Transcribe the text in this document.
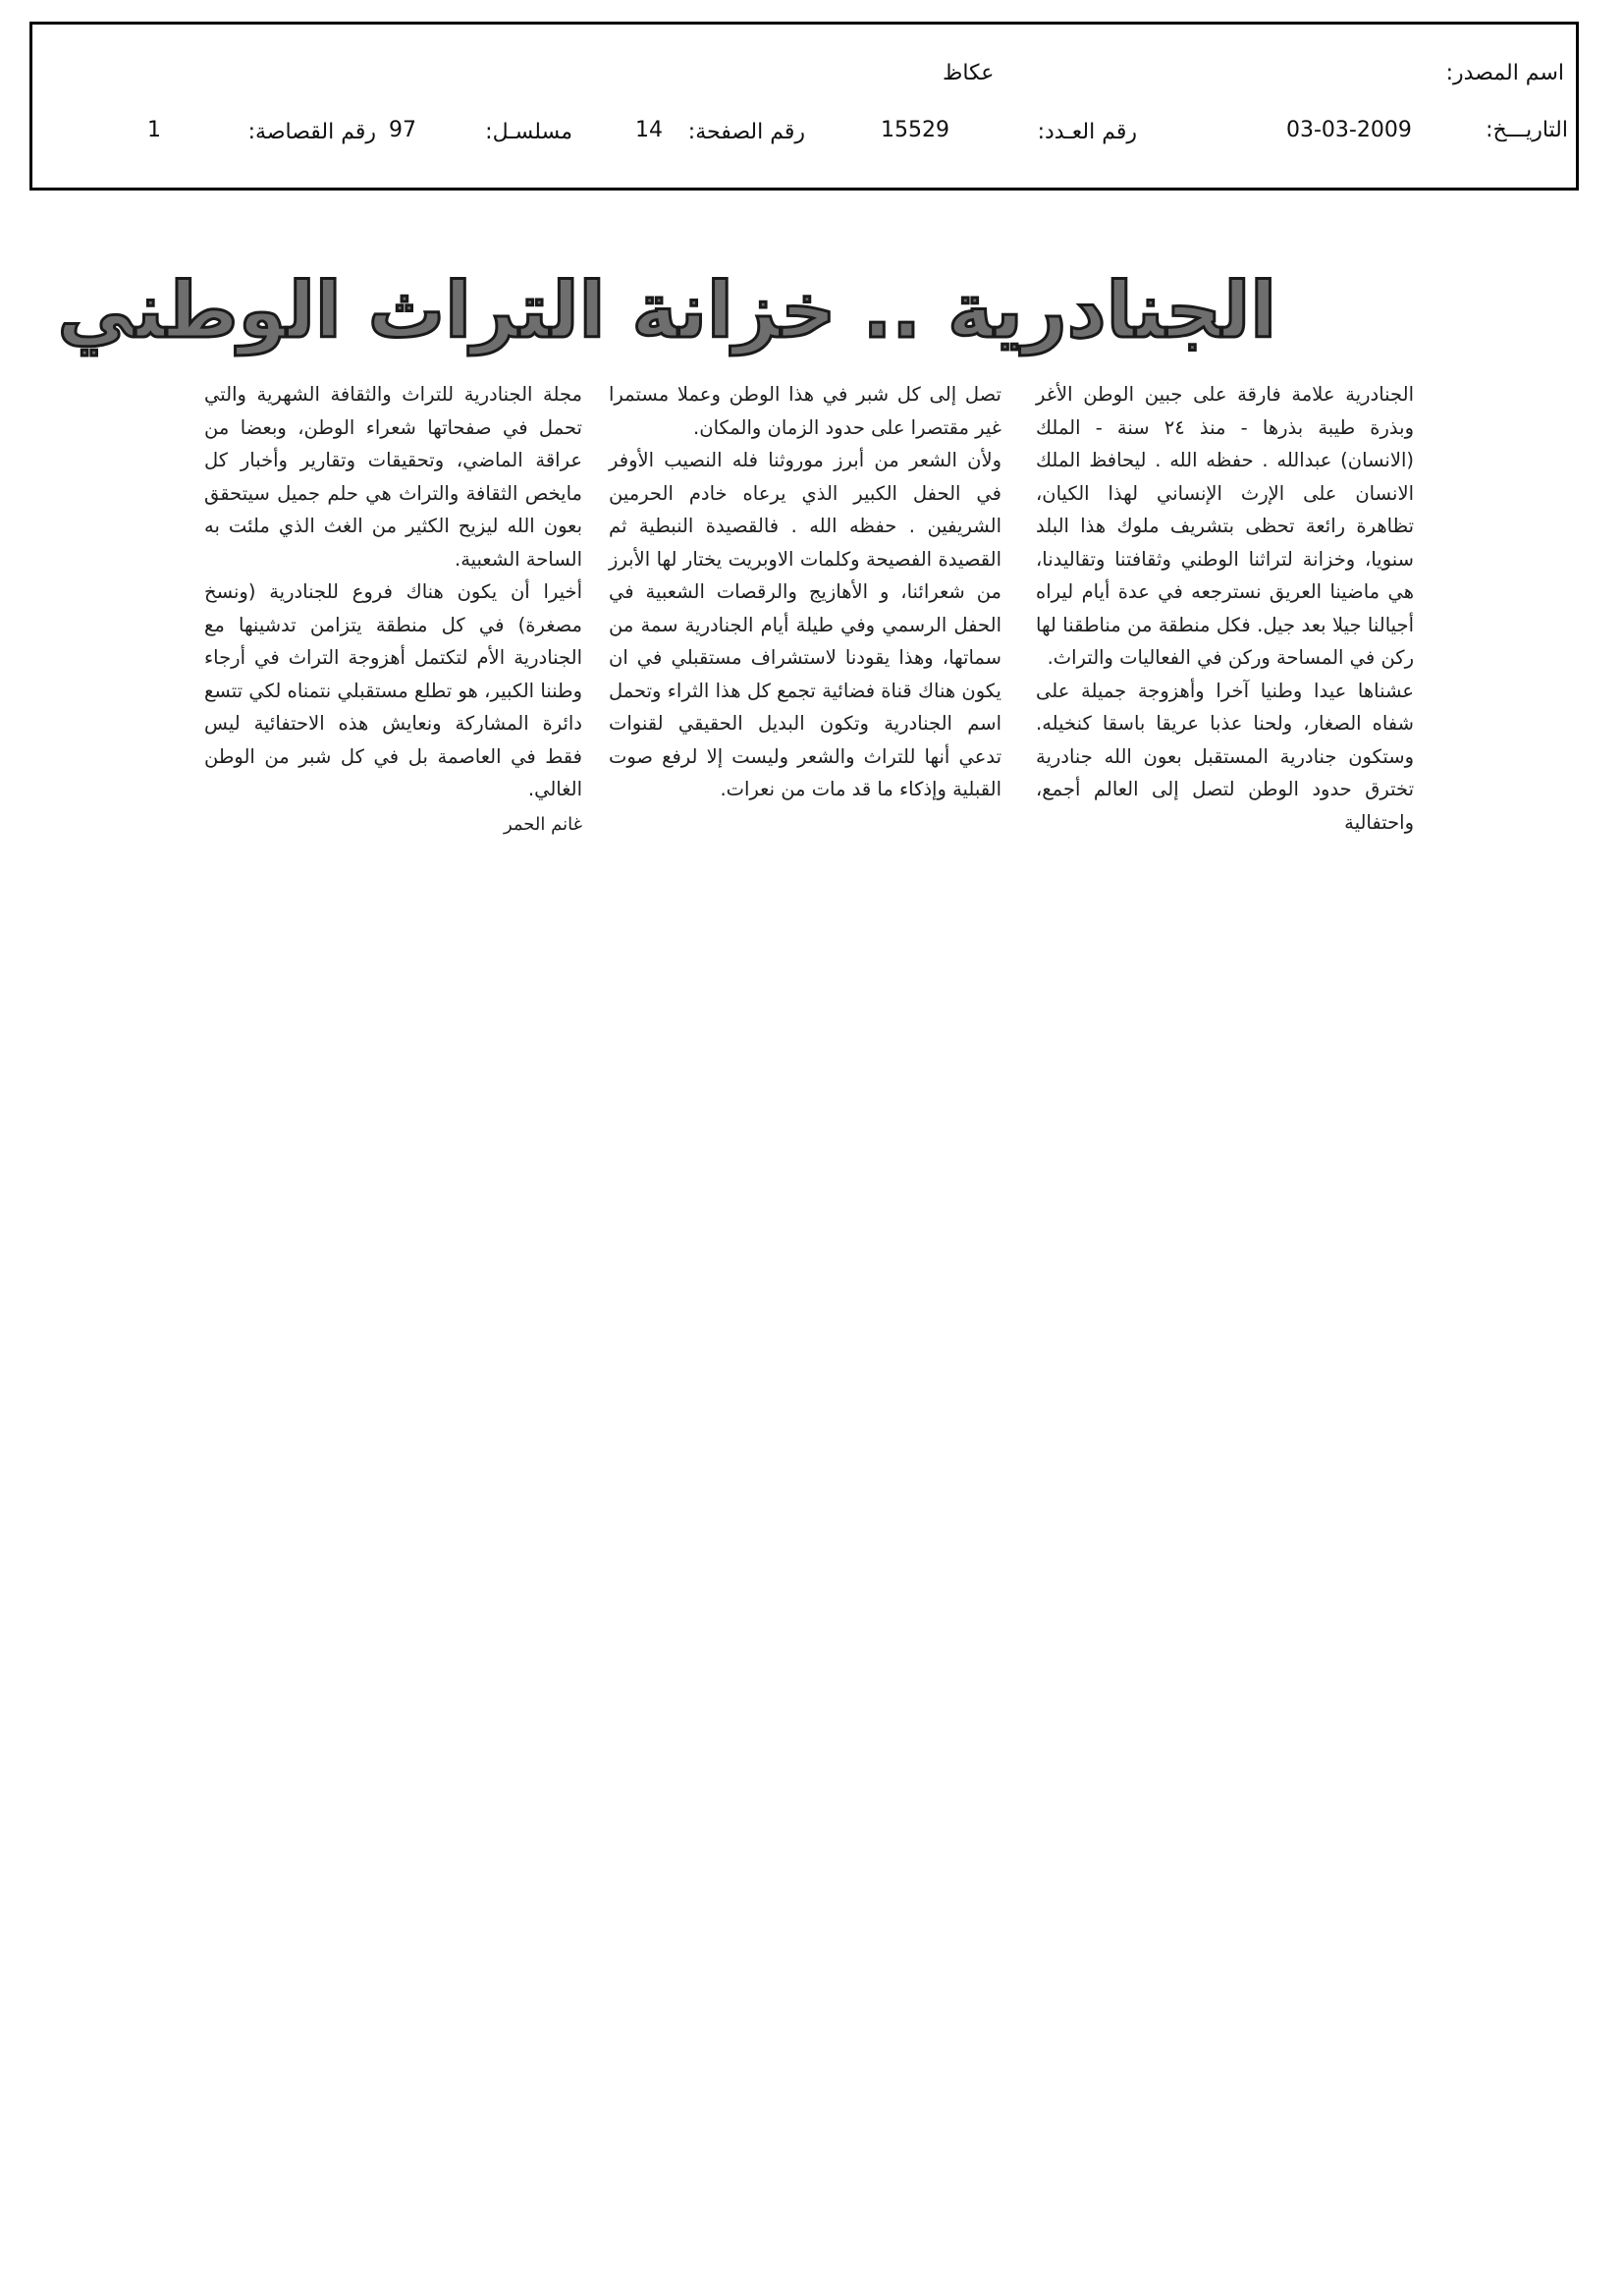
اسم المصدر:
عكاظ
التاريـــخ:
03-03-2009
رقم العـدد:
15529
رقم الصفحة:
14
مسلسـل:
97
رقم القصاصة:
1
الجنادرية .. خزانة التراث الوطني

الجنادرية علامة فارقة على جبين الوطن الأغر وبذرة طيبة بذرها - منذ ٢٤ سنة - الملك (الانسان) عبدالله . حفظه الله . ليحافظ الملك الانسان على الإرث الإنساني لهذا الكيان، تظاهرة رائعة تحظى بتشريف ملوك هذا البلد سنويا، وخزانة لتراثنا الوطني وثقافتنا وتقاليدنا، هي ماضينا العريق نسترجعه في عدة أيام ليراه أجيالنا جيلا بعد جيل. فكل منطقة من مناطقنا لها ركن في المساحة وركن في الفعاليات والتراث.

عشناها عيدا وطنيا آخرا وأهزوجة جميلة على شفاه الصغار، ولحنا عذبا عريقا باسقا كنخيله. وستكون جنادرية المستقبل بعون الله جنادرية تخترق حدود الوطن لتصل إلى العالم أجمع، واحتفالية

تصل إلى كل شبر في هذا الوطن وعملا مستمرا غير مقتصرا على حدود الزمان والمكان.

ولأن الشعر من أبرز موروثنا فله النصيب الأوفر في الحفل الكبير الذي يرعاه خادم الحرمين الشريفين . حفظه الله . فالقصيدة النبطية ثم القصيدة الفصيحة وكلمات الاوبريت يختار لها الأبرز من شعرائنا، و الأهازيج والرقصات الشعبية في الحفل الرسمي وفي طيلة أيام الجنادرية سمة من سماتها، وهذا يقودنا لاستشراف مستقبلي في ان يكون هناك قناة فضائية تجمع كل هذا الثراء وتحمل اسم الجنادرية وتكون البديل الحقيقي لقنوات تدعي أنها للتراث والشعر وليست إلا لرفع صوت القبلية وإذكاء ما قد مات من نعرات.

مجلة الجنادرية للتراث والثقافة الشهرية والتي تحمل في صفحاتها شعراء الوطن، وبعضا من عراقة الماضي، وتحقيقات وتقارير وأخبار كل مايخص الثقافة والتراث هي حلم جميل سيتحقق بعون الله ليزيح الكثير من الغث الذي ملئت به الساحة الشعبية.

أخيرا أن يكون هناك فروع للجنادرية (ونسخ مصغرة) في كل منطقة يتزامن تدشينها مع الجنادرية الأم لتكتمل أهزوجة التراث في أرجاء وطننا الكبير، هو تطلع مستقبلي نتمناه لكي تتسع دائرة المشاركة ونعايش هذه الاحتفائية ليس فقط في العاصمة بل في كل شبر من الوطن الغالي.

غانم الحمر
